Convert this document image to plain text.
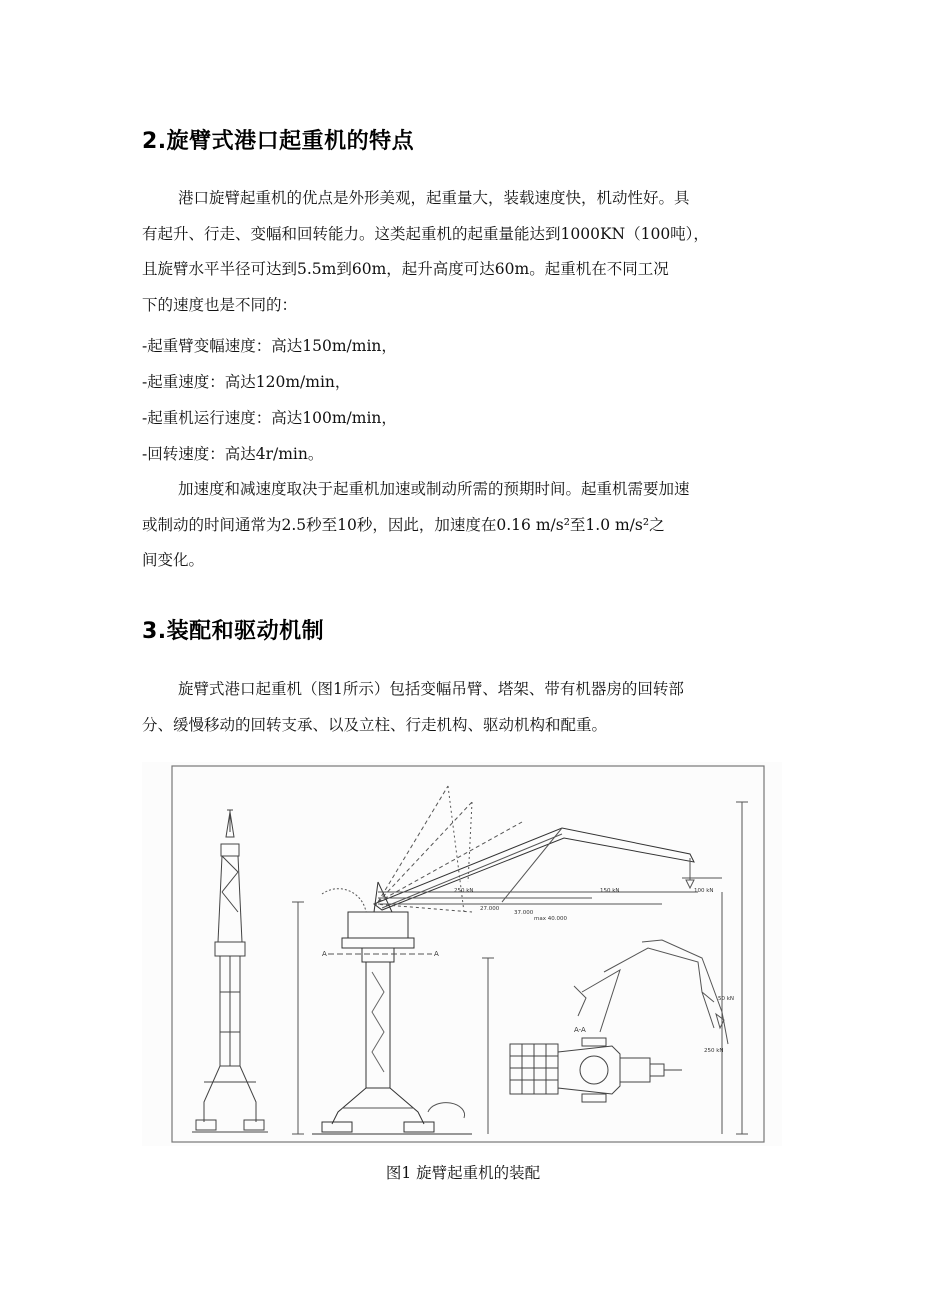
2.旋臂式港口起重机的特点

港口旋臂起重机的优点是外形美观，起重量大，装载速度快，机动性好。具
有起升、行走、变幅和回转能力。这类起重机的起重量能达到1000KN（100吨），
且旋臂水平半径可达到5.5m到60m，起升高度可达60m。起重机在不同工况
下的速度也是不同的：

-起重臂变幅速度：高达150m/min，
-起重速度：高达120m/min，
-起重机运行速度：高达100m/min，
-回转速度：高达4r/min。

加速度和减速度取决于起重机加速或制动所需的预期时间。起重机需要加速
或制动的时间通常为2.5秒至10秒，因此，加速度在0.16 m/s²至1.0 m/s²之
间变化。

3.装配和驱动机制

旋臂式港口起重机（图1所示）包括变幅吊臂、塔架、带有机器房的回转部
分、缓慢移动的回转支承、以及立柱、行走机构、驱动机构和配重。

250 kN	150 kN	100 kN
50 kN
250 kN
27.000
37.000
max 40.000
A	A
A-A
图1 旋臂起重机的装配
